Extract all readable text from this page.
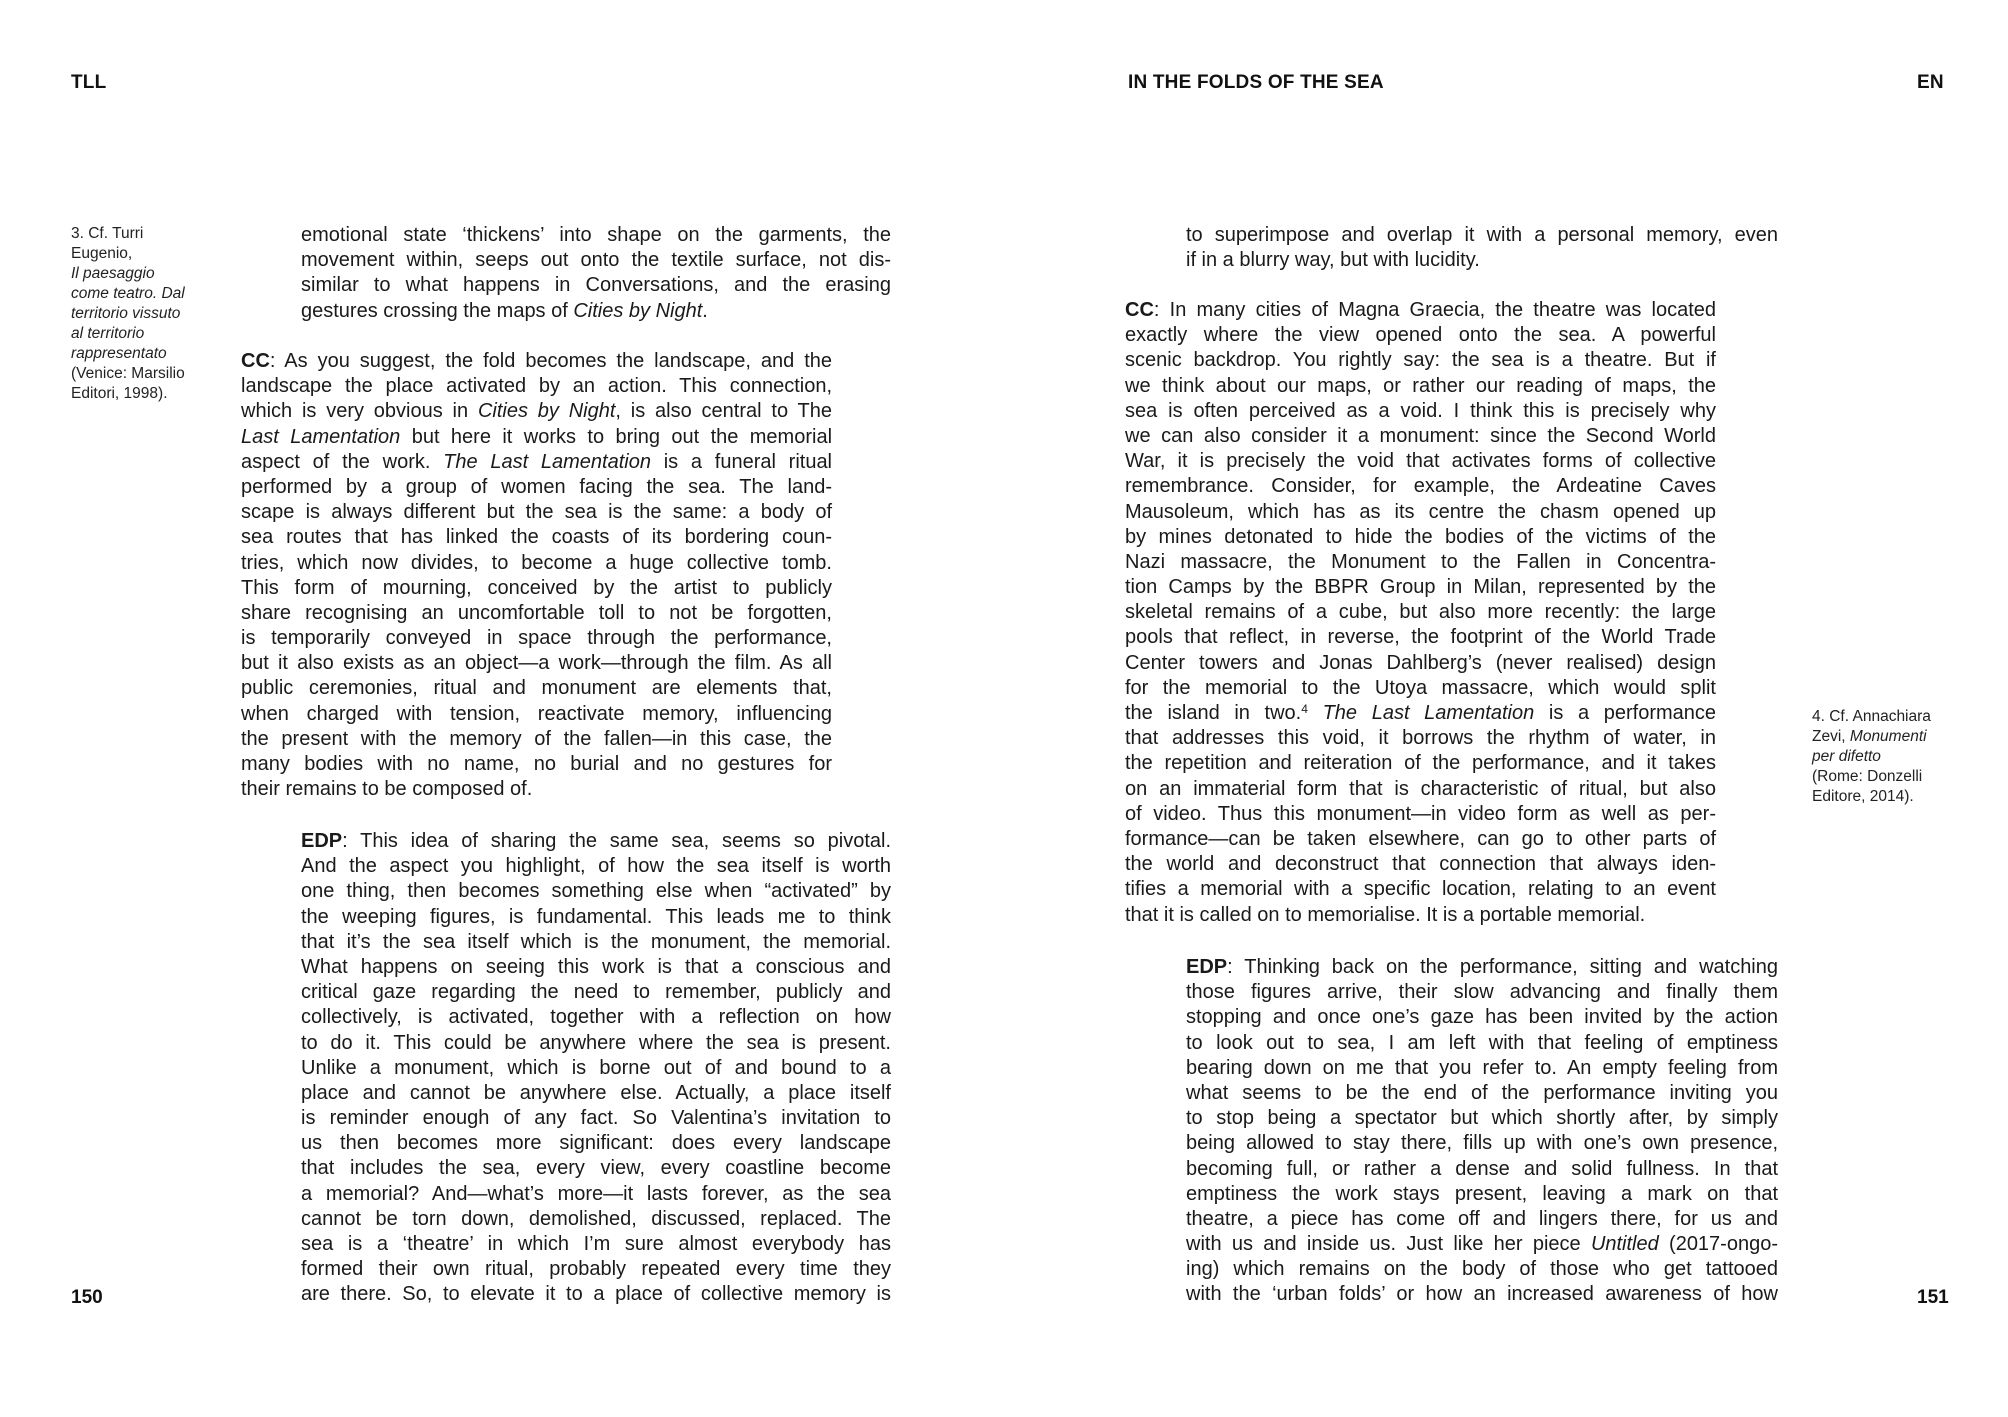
TLL	IN THE FOLDS OF THE SEA	EN
150	151
3. Cf. Turri
Eugenio,
Il paesaggio
come teatro. Dal
territorio vissuto
al territorio
rappresentato
(Venice: Marsilio
Editori, 1998).
emotional state ‘thickens’ into shape on the garments, the
movement within, seeps out onto the textile surface, not dis-
similar to what happens in Conversations, and the erasing
gestures crossing the maps of Cities by Night.
CC: As you suggest, the fold becomes the landscape, and the
landscape the place activated by an action. This connection,
which is very obvious in Cities by Night, is also central to The
Last Lamentation but here it works to bring out the memorial
aspect of the work. The Last Lamentation is a funeral ritual
performed by a group of women facing the sea. The land-
scape is always different but the sea is the same: a body of
sea routes that has linked the coasts of its bordering coun-
tries, which now divides, to become a huge collective tomb.
This form of mourning, conceived by the artist to publicly
share recognising an uncomfortable toll to not be forgotten,
is temporarily conveyed in space through the performance,
but it also exists as an object—a work—through the film. As all
public ceremonies, ritual and monument are elements that,
when charged with tension, reactivate memory, influencing
the present with the memory of the fallen—in this case, the
many bodies with no name, no burial and no gestures for
their remains to be composed of.
EDP: This idea of sharing the same sea, seems so pivotal.
And the aspect you highlight, of how the sea itself is worth
one thing, then becomes something else when “activated” by
the weeping figures, is fundamental. This leads me to think
that it’s the sea itself which is the monument, the memorial.
What happens on seeing this work is that a conscious and
critical gaze regarding the need to remember, publicly and
collectively, is activated, together with a reflection on how
to do it. This could be anywhere where the sea is present.
Unlike a monument, which is borne out of and bound to a
place and cannot be anywhere else. Actually, a place itself
is reminder enough of any fact. So Valentina’s invitation to
us then becomes more significant: does every landscape
that includes the sea, every view, every coastline become
a memorial? And—what’s more—it lasts forever, as the sea
cannot be torn down, demolished, discussed, replaced. The
sea is a ‘theatre’ in which I’m sure almost everybody has
formed their own ritual, probably repeated every time they
are there. So, to elevate it to a place of collective memory is
to superimpose and overlap it with a personal memory, even
if in a blurry way, but with lucidity.
CC: In many cities of Magna Graecia, the theatre was located
exactly where the view opened onto the sea. A powerful
scenic backdrop. You rightly say: the sea is a theatre. But if
we think about our maps, or rather our reading of maps, the
sea is often perceived as a void. I think this is precisely why
we can also consider it a monument: since the Second World
War, it is precisely the void that activates forms of collective
remembrance. Consider, for example, the Ardeatine Caves
Mausoleum, which has as its centre the chasm opened up
by mines detonated to hide the bodies of the victims of the
Nazi massacre, the Monument to the Fallen in Concentra-
tion Camps by the BBPR Group in Milan, represented by the
skeletal remains of a cube, but also more recently: the large
pools that reflect, in reverse, the footprint of the World Trade
Center towers and Jonas Dahlberg’s (never realised) design
for the memorial to the Utoya massacre, which would split
the island in two.$^4$ The Last Lamentation is a performance
that addresses this void, it borrows the rhythm of water, in
the repetition and reiteration of the performance, and it takes
on an immaterial form that is characteristic of ritual, but also
of video. Thus this monument—in video form as well as per-
formance—can be taken elsewhere, can go to other parts of
the world and deconstruct that connection that always iden-
tifies a memorial with a specific location, relating to an event
that it is called on to memorialise. It is a portable memorial.
4. Cf. Annachiara
Zevi, Monumenti
per difetto
(Rome: Donzelli
Editore, 2014).
EDP: Thinking back on the performance, sitting and watching
those figures arrive, their slow advancing and finally them
stopping and once one’s gaze has been invited by the action
to look out to sea, I am left with that feeling of emptiness
bearing down on me that you refer to. An empty feeling from
what seems to be the end of the performance inviting you
to stop being a spectator but which shortly after, by simply
being allowed to stay there, fills up with one’s own presence,
becoming full, or rather a dense and solid fullness. In that
emptiness the work stays present, leaving a mark on that
theatre, a piece has come off and lingers there, for us and
with us and inside us. Just like her piece Untitled (2017-ongo-
ing) which remains on the body of those who get tattooed
with the ‘urban folds’ or how an increased awareness of how
